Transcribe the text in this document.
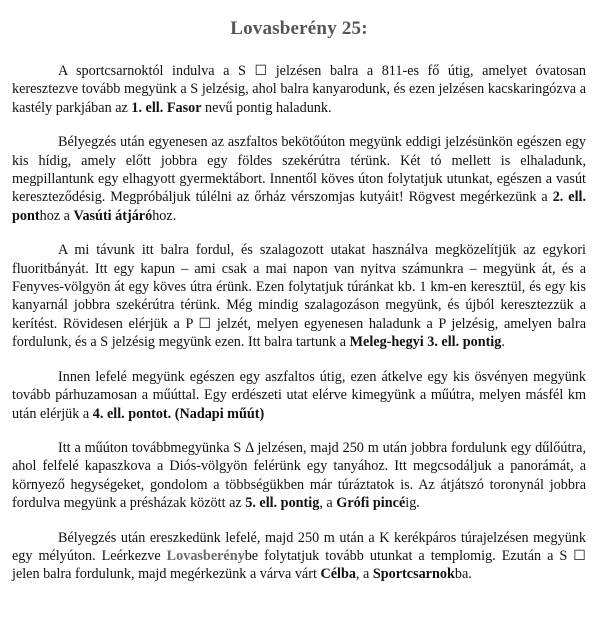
Lovasberény 25:

A sportcsarnoktól indulva a S ☐ jelzésen balra a 811-es fő útig, amelyet óvatosan keresztezve tovább megyünk a S jelzésig, ahol balra kanyarodunk, és ezen jelzésen kacskaringózva a kastély parkjában az 1. ell. Fasor nevű pontig haladunk.

Bélyegzés után egyenesen az aszfaltos bekötőúton megyünk eddigi jelzésünkön egészen egy kis hídig, amely előtt jobbra egy földes szekérútra térünk. Két tó mellett is elhaladunk, megpillantunk egy elhagyott gyermektábort. Innentől köves úton folytatjuk utunkat, egészen a vasút kereszteződésig. Megpróbáljuk túlélni az őrház vérszomjas kutyáit! Rögvest megérkezünk a 2. ell. ponthoz a Vasúti átjáróhoz.

A mi távunk itt balra fordul, és szalagozott utakat használva megközelítjük az egykori fluoritbányát. Itt egy kapun – ami csak a mai napon van nyitva számunkra – megyünk át, és a Fenyves-völgyön át egy köves útra érünk. Ezen folytatjuk túránkat kb. 1 km-en keresztül, és egy kis kanyarnál jobbra szekérútra térünk. Még mindig szalagozáson megyünk, és újból keresztezzük a kerítést. Rövidesen elérjük a P ☐ jelzét, melyen egyenesen haladunk a P jelzésig, amelyen balra fordulunk, és a S jelzésig megyünk ezen. Itt balra tartunk a Meleg-hegyi 3. ell. pontig.

Innen lefelé megyünk egészen egy aszfaltos útig, ezen átkelve egy kis ösvényen megyünk tovább párhuzamosan a műúttal. Egy erdészeti utat elérve kimegyünk a műútra, melyen másfél km után elérjük a 4. ell. pontot. (Nadapi műút)

Itt a műúton továbbmegyünka S Δ jelzésen, majd 250 m után jobbra fordulunk egy dűlőútra, ahol felfelé kapaszkova a Diós-völgyön felérünk egy tanyához. Itt megcsodáljuk a panorámát, a környező hegységeket, gondolom a többségükben már túráztatok is. Az átjátszó toronynál jobbra fordulva megyünk a présházak között az 5. ell. pontig, a Grófi pincéig.

Bélyegzés után ereszkedünk lefelé, majd 250 m után a K kerékpáros túrajelzésen megyünk egy mélyúton. Leérkezve Lovasberénybe folytatjuk tovább utunkat a templomig. Ezután a S ☐ jelen balra fordulunk, majd megérkezünk a várva várt Célba, a Sportcsarnokba.
